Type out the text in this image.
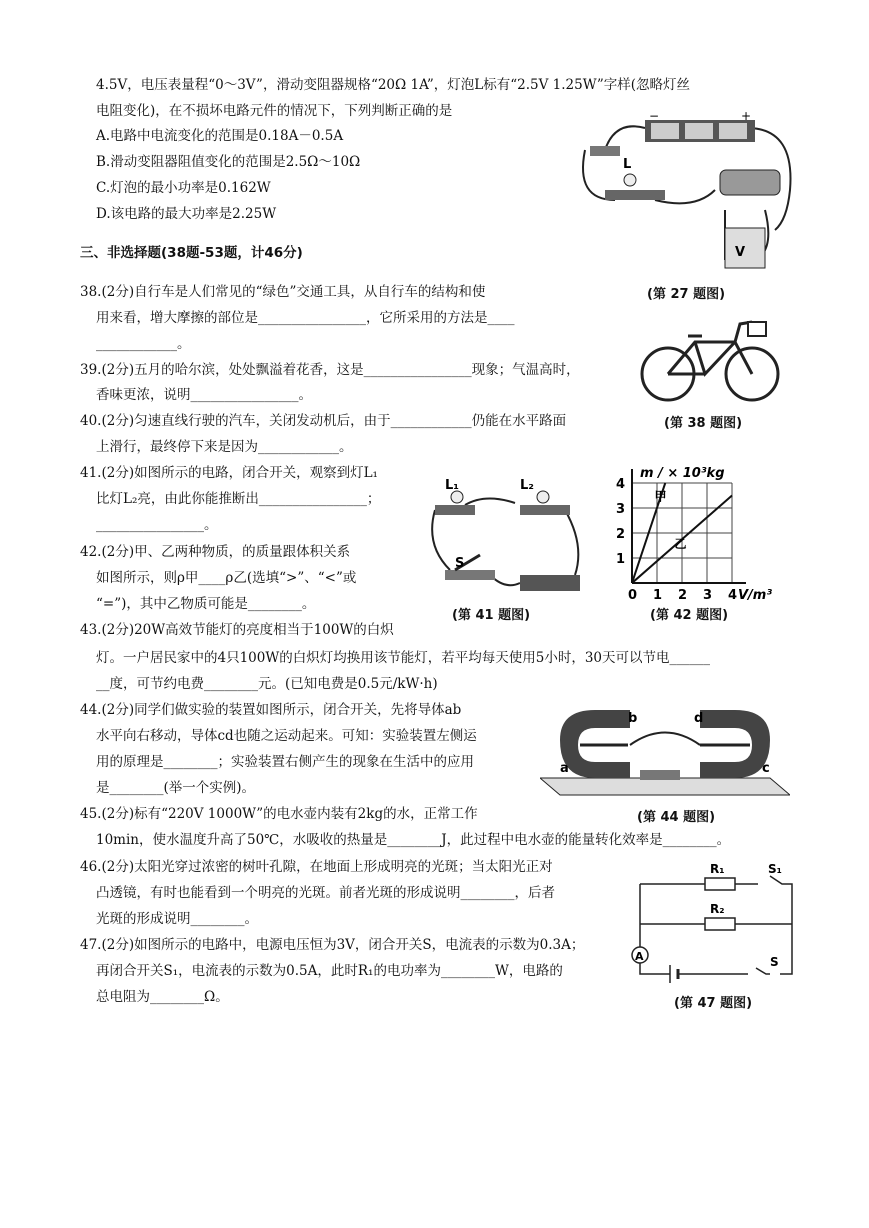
4.5V，电压表量程“0～3V”，滑动变阻器规格“20Ω 1A”，灯泡L标有“2.5V 1.25W”字样(忽略灯丝
电阻变化)，在不损坏电路元件的情况下，下列判断正确的是
A.电路中电流变化的范围是0.18A－0.5A
B.滑动变阻器阻值变化的范围是2.5Ω～10Ω
C.灯泡的最小功率是0.162W
D.该电路的最大功率是2.25W
三、非选择题(38题-53题，计46分)
38.(2分)自行车是人们常见的“绿色”交通工具，从自行车的结构和使
用来看，增大摩擦的部位是________________，它所采用的方法是____
____________。
39.(2分)五月的哈尔滨，处处飘溢着花香，这是________________现象；气温高时，
香味更浓，说明________________。
40.(2分)匀速直线行驶的汽车，关闭发动机后，由于____________仍能在水平路面
上滑行，最终停下来是因为____________。
41.(2分)如图所示的电路，闭合开关，观察到灯L₁
比灯L₂亮，由此你能推断出________________；
________________。
42.(2分)甲、乙两种物质，的质量跟体积关系
如图所示，则ρ甲____ρ乙(选填“>”、“<”或
“=”)，其中乙物质可能是________。
43.(2分)20W高效节能灯的亮度相当于100W的白炽
灯。一户居民家中的4只100W的白炽灯均换用该节能灯，若平均每天使用5小时，30天可以节电______
__度，可节约电费________元。(已知电费是0.5元/kW·h)
44.(2分)同学们做实验的装置如图所示，闭合开关，先将导体ab
水平向右移动，导体cd也随之运动起来。可知：实验装置左侧运
用的原理是________；实验装置右侧产生的现象在生活中的应用
是________(举一个实例)。
45.(2分)标有“220V 1000W”的电水壶内装有2kg的水，正常工作
10min，使水温度升高了50℃，水吸收的热量是________J，此过程中电水壶的能量转化效率是________。
46.(2分)太阳光穿过浓密的树叶孔隙，在地面上形成明亮的光斑；当太阳光正对
凸透镜，有时也能看到一个明亮的光斑。前者光斑的形成说明________，后者
光斑的形成说明________。
47.(2分)如图所示的电路中，电源电压恒为3V，闭合开关S，电流表的示数为0.3A；
再闭合开关S₁，电流表的示数为0.5A，此时R₁的电功率为________W，电路的
总电阻为________Ω。
+
−
L
V
(第 27 题图)
(第 38 题图)
L₁	L₂
S
(第 41 题图)
0 1 2 3 4
1
2
3
4
V/m³
m / × 10³kg
甲
乙
(第 42 题图)
b	d
a	c
(第 44 题图)
A
R₁
R₂
S₁
S
(第 47 题图)
